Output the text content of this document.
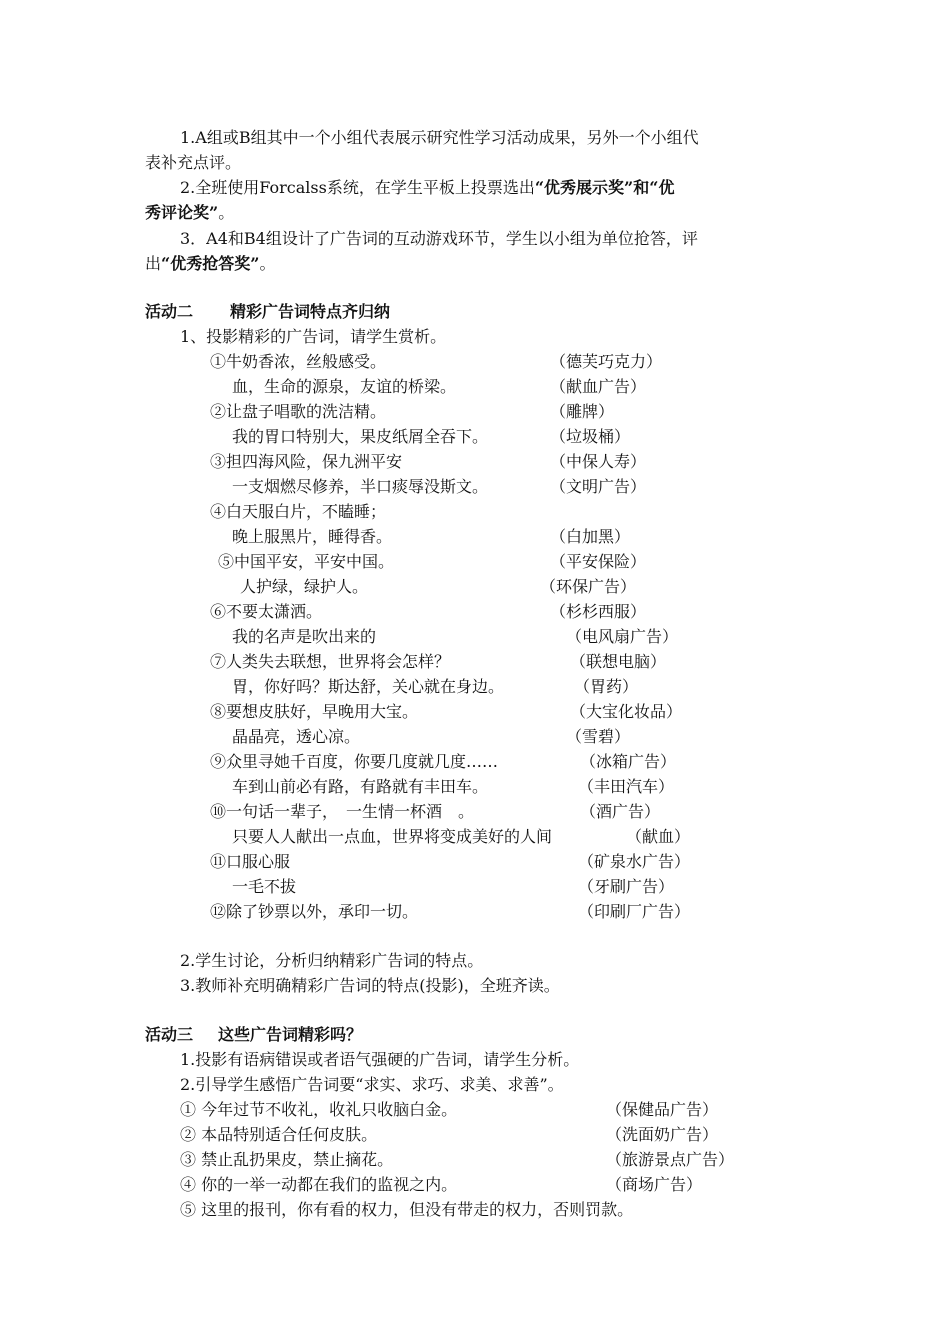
1.A组或B组其中一个小组代表展示研究性学习活动成果，另外一个小组代
表补充点评。
2.全班使用Forcalss系统，在学生平板上投票选出“优秀展示奖”和“优
秀评论奖”。
3．A4和B4组设计了广告词的互动游戏环节，学生以小组为单位抢答，评
出“优秀抢答奖”。
活动二 精彩广告词特点齐归纳
1、投影精彩的广告词，请学生赏析。
①牛奶香浓，丝般感受。	（德芙巧克力）
血，生命的源泉，友谊的桥梁。	（献血广告）
②让盘子唱歌的洗洁精。	（雕牌）
我的胃口特别大，果皮纸屑全吞下。	（垃圾桶）
③担四海风险，保九洲平安	（中保人寿）
一支烟燃尽修养，半口痰辱没斯文。	（文明广告）
④白天服白片，不瞌睡；
晚上服黑片，睡得香。	（白加黑）
⑤中国平安，平安中国。	（平安保险）
人护绿，绿护人。	（环保广告）
⑥不要太潇洒。	（杉杉西服）
我的名声是吹出来的	（电风扇广告）
⑦人类失去联想，世界将会怎样？	（联想电脑）
胃，你好吗？斯达舒，关心就在身边。	（胃药）
⑧要想皮肤好，早晚用大宝。	（大宝化妆品）
晶晶亮，透心凉。	（雪碧）
⑨众里寻她千百度，你要几度就几度……	（冰箱广告）
车到山前必有路，有路就有丰田车。	（丰田汽车）
⑩一句话一辈子，　一生情一杯酒　。	（酒广告）
只要人人献出一点血，世界将变成美好的人间	（献血）
⑪口服心服	（矿泉水广告）
一毛不拔	（牙刷广告）
⑫除了钞票以外，承印一切。	（印刷厂广告）
2.学生讨论，分析归纳精彩广告词的特点。
3.教师补充明确精彩广告词的特点(投影)，全班齐读。
活动三 这些广告词精彩吗？
1.投影有语病错误或者语气强硬的广告词，请学生分析。
2.引导学生感悟广告词要“求实、求巧、求美、求善”。
① 今年过节不收礼，收礼只收脑白金。	（保健品广告）
② 本品特别适合任何皮肤。	（洗面奶广告）
③ 禁止乱扔果皮，禁止摘花。	（旅游景点广告）
④ 你的一举一动都在我们的监视之内。	（商场广告）
⑤ 这里的报刊，你有看的权力，但没有带走的权力，否则罚款。
